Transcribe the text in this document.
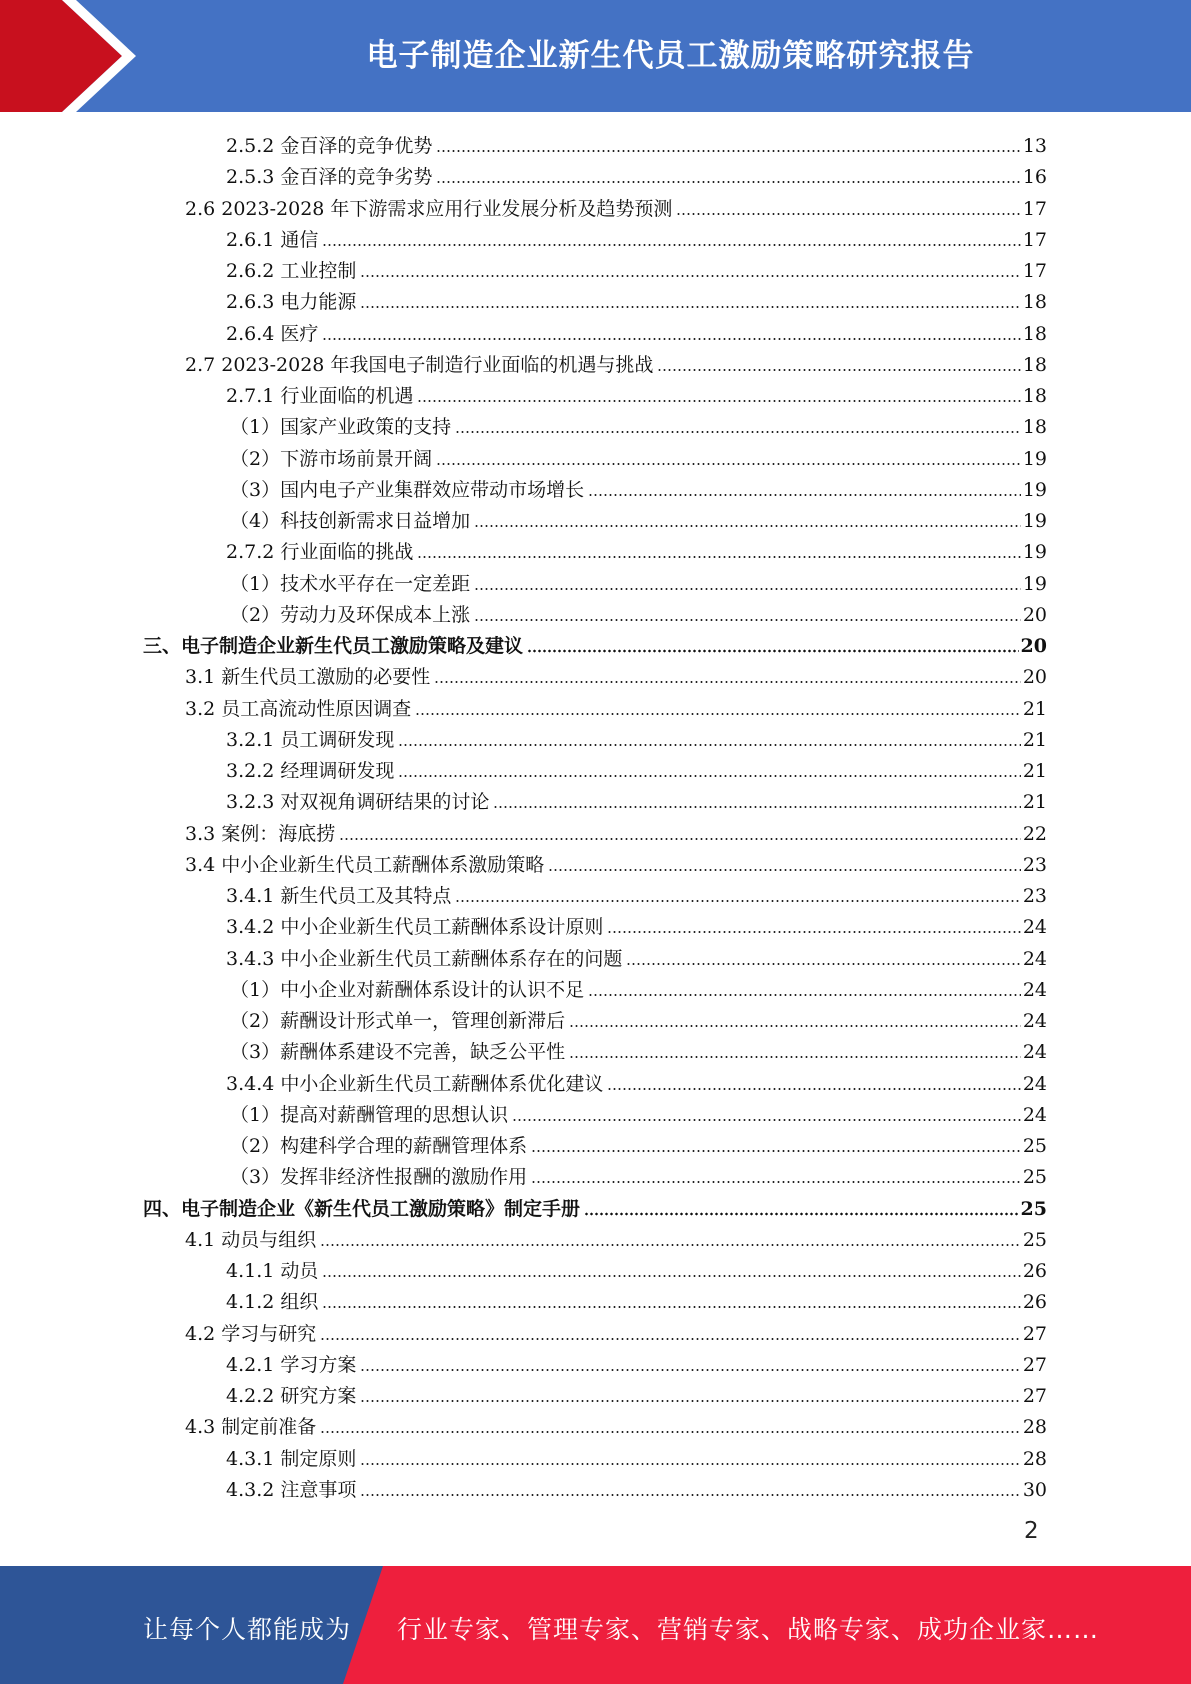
电子制造企业新生代员工激励策略研究报告
2.5.2 金百泽的竞争优势	13
2.5.3 金百泽的竞争劣势	16
2.6 2023-2028 年下游需求应用行业发展分析及趋势预测	17
2.6.1 通信	17
2.6.2 工业控制	17
2.6.3 电力能源	18
2.6.4 医疗	18
2.7 2023-2028 年我国电子制造行业面临的机遇与挑战	18
2.7.1 行业面临的机遇	18
（1）国家产业政策的支持	18
（2）下游市场前景开阔	19
（3）国内电子产业集群效应带动市场增长	19
（4）科技创新需求日益增加	19
2.7.2 行业面临的挑战	19
（1）技术水平存在一定差距	19
（2）劳动力及环保成本上涨	20
三、电子制造企业新生代员工激励策略及建议	20
3.1 新生代员工激励的必要性	20
3.2 员工高流动性原因调查	21
3.2.1 员工调研发现	21
3.2.2 经理调研发现	21
3.2.3 对双视角调研结果的讨论	21
3.3 案例：海底捞	22
3.4 中小企业新生代员工薪酬体系激励策略	23
3.4.1 新生代员工及其特点	23
3.4.2 中小企业新生代员工薪酬体系设计原则	24
3.4.3 中小企业新生代员工薪酬体系存在的问题	24
（1）中小企业对薪酬体系设计的认识不足	24
（2）薪酬设计形式单一，管理创新滞后	24
（3）薪酬体系建设不完善，缺乏公平性	24
3.4.4 中小企业新生代员工薪酬体系优化建议	24
（1）提高对薪酬管理的思想认识	24
（2）构建科学合理的薪酬管理体系	25
（3）发挥非经济性报酬的激励作用	25
四、电子制造企业《新生代员工激励策略》制定手册	25
4.1 动员与组织	25
4.1.1 动员	26
4.1.2 组织	26
4.2 学习与研究	27
4.2.1 学习方案	27
4.2.2 研究方案	27
4.3 制定前准备	28
4.3.1 制定原则	28
4.3.2 注意事项	30
2
让每个人都能成为 行业专家、管理专家、营销专家、战略专家、成功企业家……
